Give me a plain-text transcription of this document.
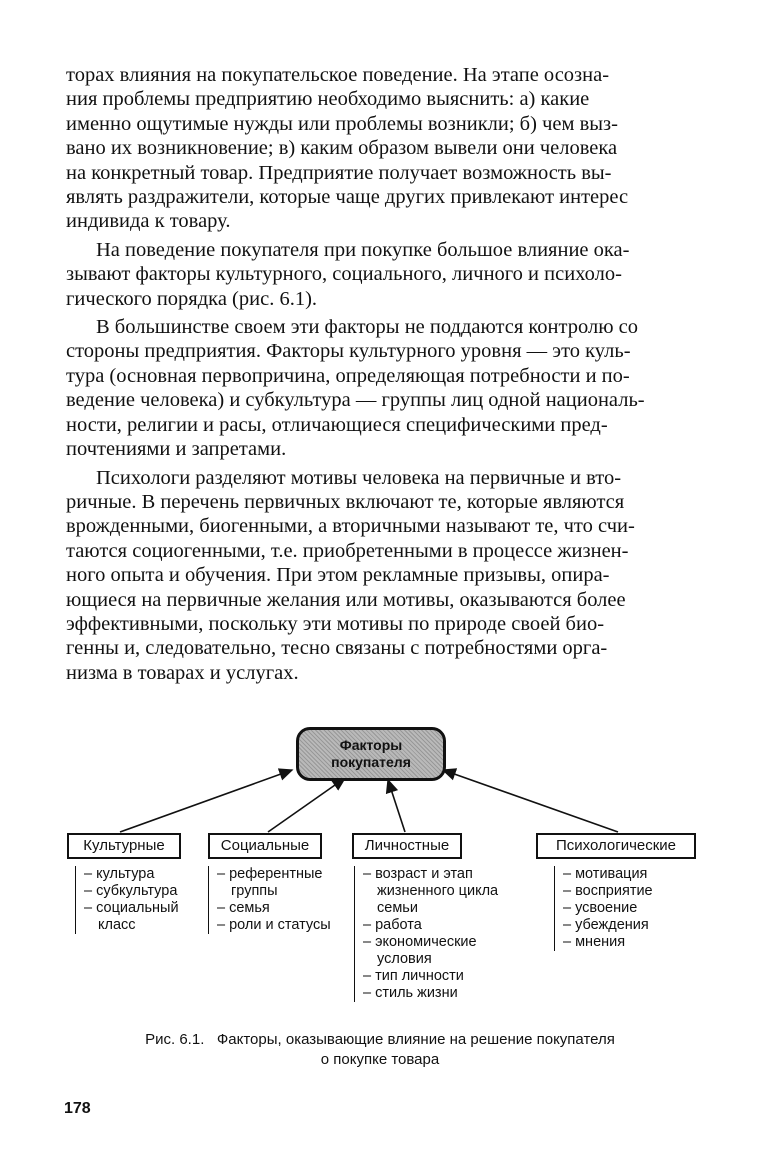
торах влияния на покупательское поведение. На этапе осозна-
ния проблемы предприятию необходимо выяснить: а) какие
именно ощутимые нужды или проблемы возникли; б) чем выз-
вано их возникновение; в) каким образом вывели они человека
на конкретный товар. Предприятие получает возможность вы-
являть раздражители, которые чаще других привлекают интерес
индивида к товару.

На поведение покупателя при покупке большое влияние ока-
зывают факторы культурного, социального, личного и психоло-
гического порядка (рис. 6.1).

В большинстве своем эти факторы не поддаются контролю со
стороны предприятия. Факторы культурного уровня — это куль-
тура (основная первопричина, определяющая потребности и по-
ведение человека) и субкультура — группы лиц одной националь-
ности, религии и расы, отличающиеся специфическими пред-
почтениями и запретами.

Психологи разделяют мотивы человека на первичные и вто-
ричные. В перечень первичных включают те, которые являются
врожденными, биогенными, а вторичными называют те, что счи-
таются социогенными, т.е. приобретенными в процессе жизнен-
ного опыта и обучения. При этом рекламные призывы, опира-
ющиеся на первичные желания или мотивы, оказываются более
эффективными, поскольку эти мотивы по природе своей био-
генны и, следовательно, тесно связаны с потребностями орга-
низма в товарах и услугах.

Факторы
покупателя
Культурные	Социальные	Личностные	Психологические
– культура
– субкультура
– социальный
класс
– референтные
группы
– семья
– роли и статусы
– возраст и этап
жизненного цикла
семьи
– работа
– экономические
условия
– тип личности
– стиль жизни
– мотивация
– восприятие
– усвоение
– убеждения
– мнения
Рис. 6.1.   Факторы, оказывающие влияние на решение покупателя
о покупке товара
178
